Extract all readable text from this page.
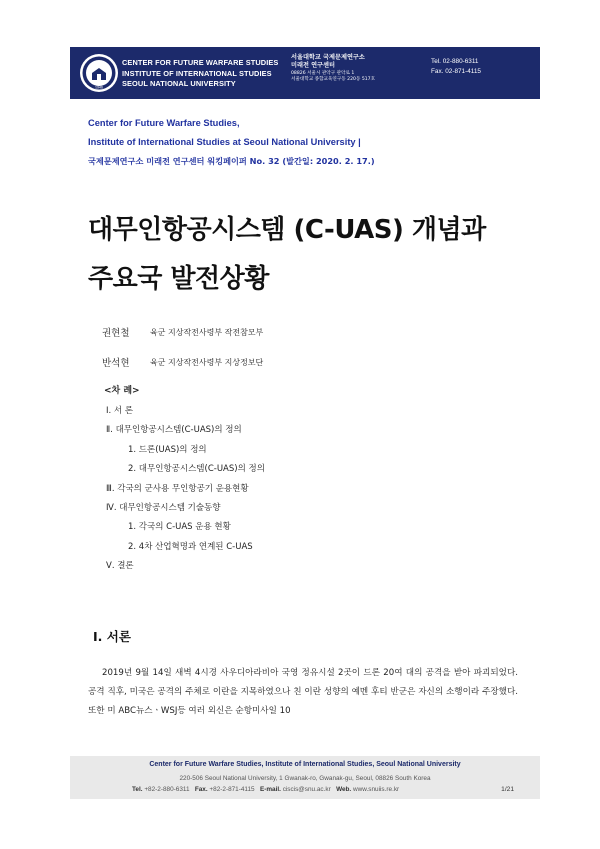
1946
CENTER FOR FUTURE WARFARE STUDIES
INSTITUTE OF INTERNATIONAL STUDIES
SEOUL NATIONAL UNIVERSITY
서울대학교 국제문제연구소
미래전 연구센터
08826 서울시 관악구 관악로 1
서울대학교 종합교육연구동 220동 517호
Tel. 02-880-6311
Fax. 02-871-4115
Center for Future Warfare Studies,
Institute of International Studies at Seoul National University |
국제문제연구소 미래전 연구센터 워킹페이퍼 No. 32 (발간일: 2020. 2. 17.)
대무인항공시스템 (C-UAS) 개념과
주요국 발전상황
권현철	육군 지상작전사령부 작전참모부
반석현	육군 지상작전사령부 지상정보단
<차 례>
Ⅰ. 서 론
Ⅱ. 대무인항공시스템(C-UAS)의 정의
1. 드론(UAS)의 정의
2. 대무인항공시스템(C-UAS)의 정의
Ⅲ. 각국의 군사용 무인항공기 운용현황
Ⅳ. 대무인항공시스템 기술동향
1. 각국의 C-UAS 운용 현황
2. 4차 산업혁명과 연계된 C-UAS
Ⅴ. 결론
Ⅰ. 서론

2019년 9월 14일 새벽 4시경 사우디아라비아 국영 정유시설 2곳이 드론 20여 대의 공격을 받아 파괴되었다. 공격 직후, 미국은 공격의 주체로 이란을 지목하였으나 친 이란 성향의 예멘 후티 반군은 자신의 소행이라 주장했다. 또한 미 ABC뉴스ㆍWSJ등 여러 외신은 순항미사일 10

Center for Future Warfare Studies, Institute of International Studies, Seoul National University
220-506 Seoul National University, 1 Gwanak-ro, Gwanak-gu, Seoul, 08826 South Korea
Tel. +82-2-880-6311 Fax. +82-2-871-4115 E-mail. ciscis@snu.ac.kr Web. www.snuiis.re.kr	1/21
